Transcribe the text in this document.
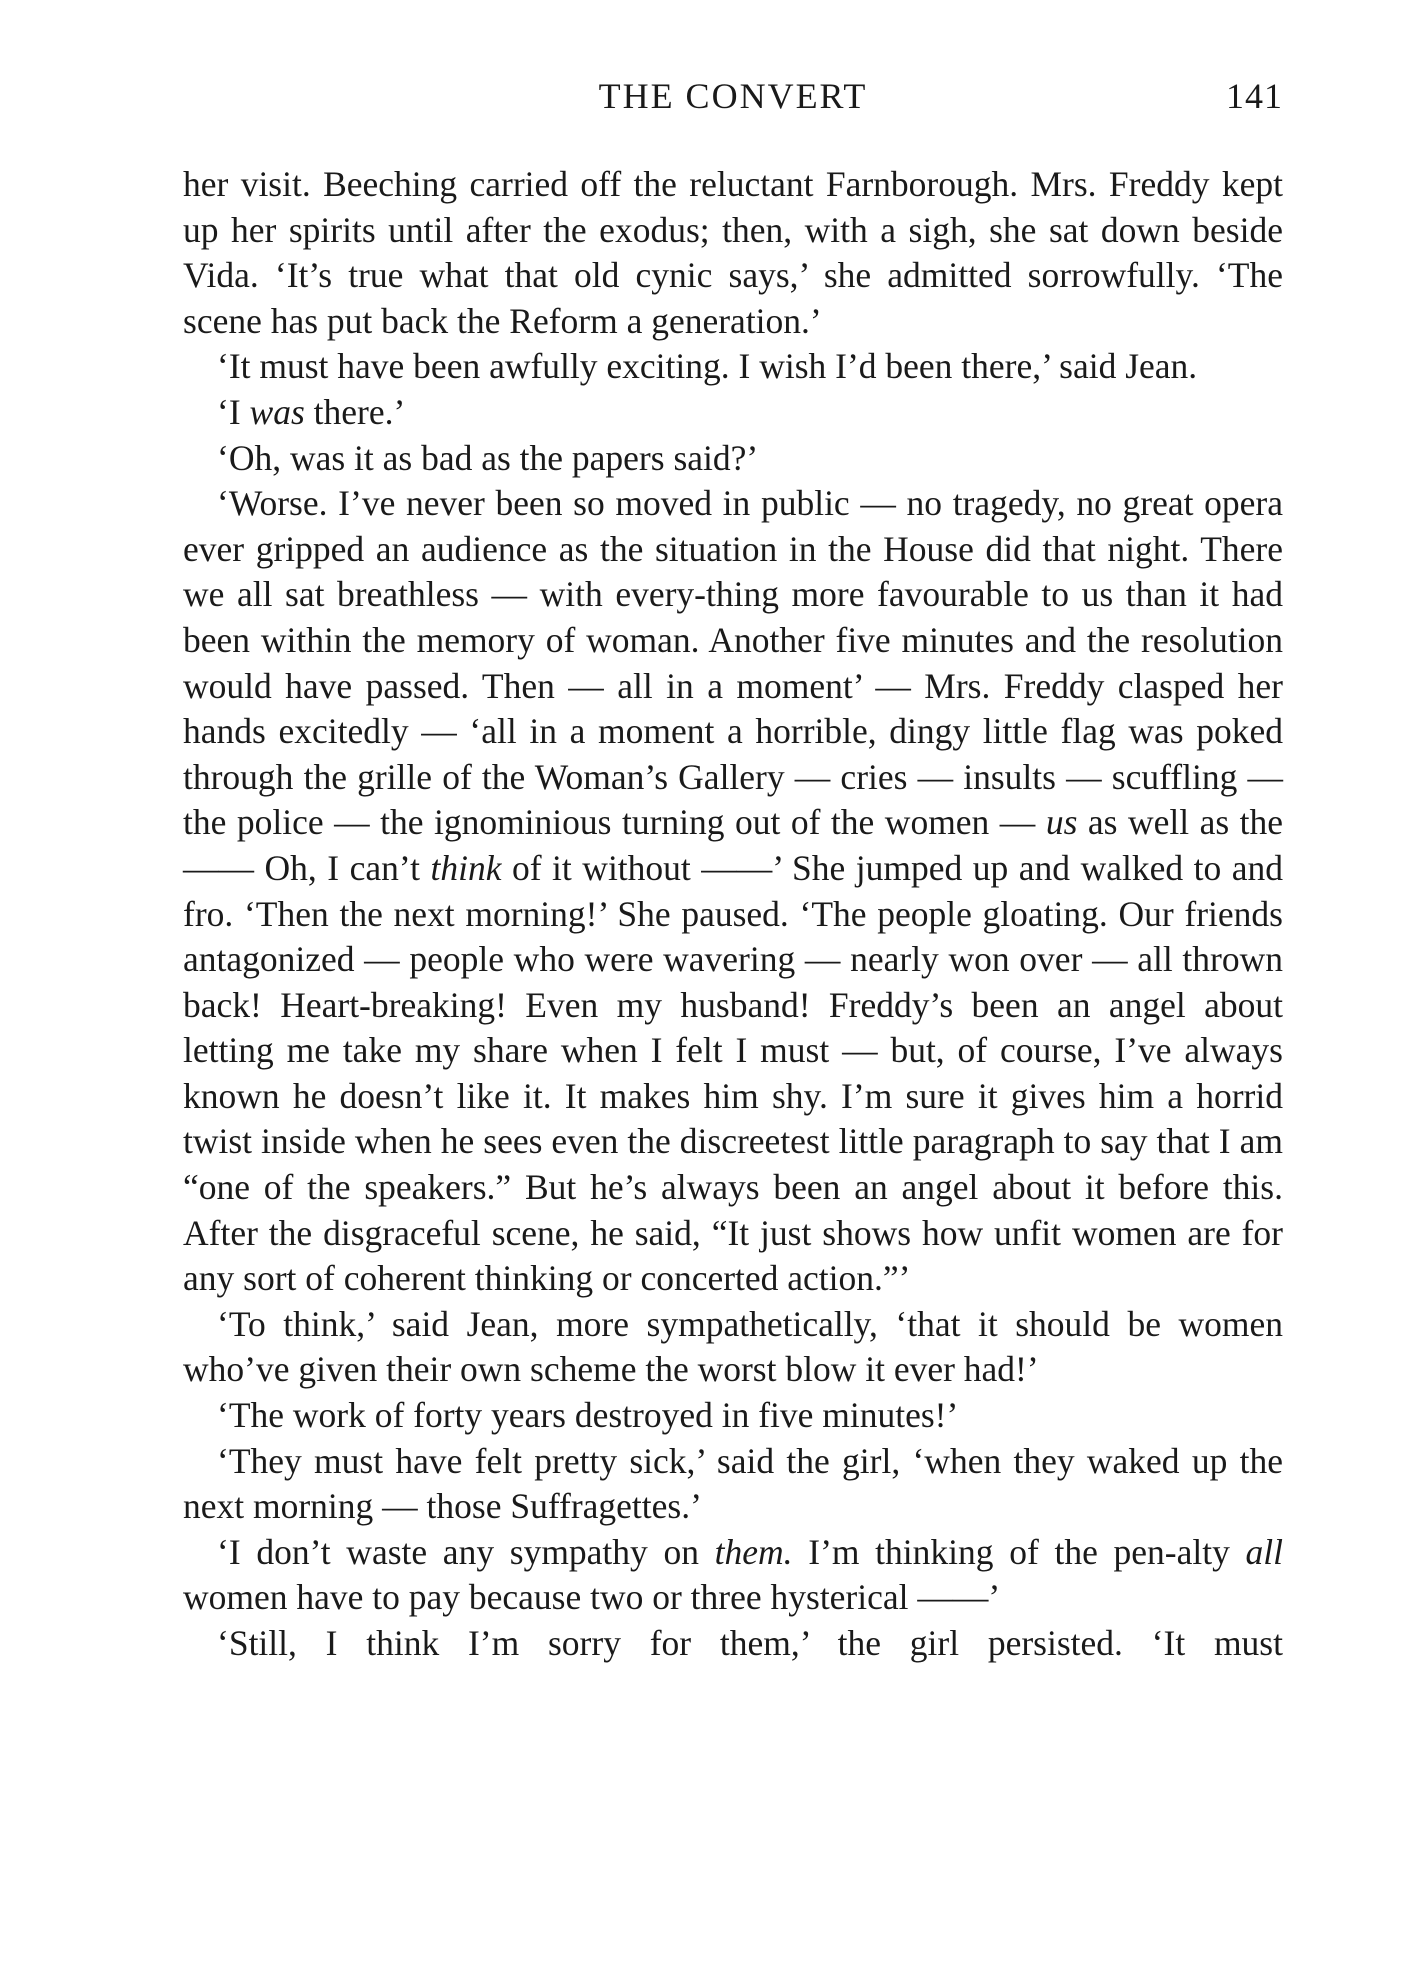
THE CONVERT	141

her visit. Beeching carried off the reluctant Farnborough. Mrs. Freddy kept up her spirits until after the exodus; then, with a sigh, she sat down beside Vida. ‘It’s true what that old cynic says,’ she admitted sorrowfully. ‘The scene has put back the Reform a generation.’

‘It must have been awfully exciting. I wish I’d been there,’ said Jean.

‘I was there.’

‘Oh, was it as bad as the papers said?’

‘Worse. I’ve never been so moved in public — no tragedy, no great opera ever gripped an audience as the situation in the House did that night. There we all sat breathless — with every-thing more favourable to us than it had been within the memory of woman. Another five minutes and the resolution would have passed. Then — all in a moment’ — Mrs. Freddy clasped her hands excitedly — ‘all in a moment a horrible, dingy little flag was poked through the grille of the Woman’s Gallery — cries — insults — scuffling — the police — the ignominious turning out of the women — us as well as the —— Oh, I can’t think of it without ——’ She jumped up and walked to and fro. ‘Then the next morning!’ She paused. ‘The people gloating. Our friends antagonized — people who were wavering — nearly won over — all thrown back! Heart-breaking! Even my husband! Freddy’s been an angel about letting me take my share when I felt I must — but, of course, I’ve always known he doesn’t like it. It makes him shy. I’m sure it gives him a horrid twist inside when he sees even the discreetest little paragraph to say that I am “one of the speakers.” But he’s always been an angel about it before this. After the disgraceful scene, he said, “It just shows how unfit women are for any sort of coherent thinking or concerted action.”’

‘To think,’ said Jean, more sympathetically, ‘that it should be women who’ve given their own scheme the worst blow it ever had!’

‘The work of forty years destroyed in five minutes!’

‘They must have felt pretty sick,’ said the girl, ‘when they waked up the next morning — those Suffragettes.’

‘I don’t waste any sympathy on them. I’m thinking of the pen-alty all women have to pay because two or three hysterical ——’

‘Still, I think I’m sorry for them,’ the girl persisted. ‘It must
